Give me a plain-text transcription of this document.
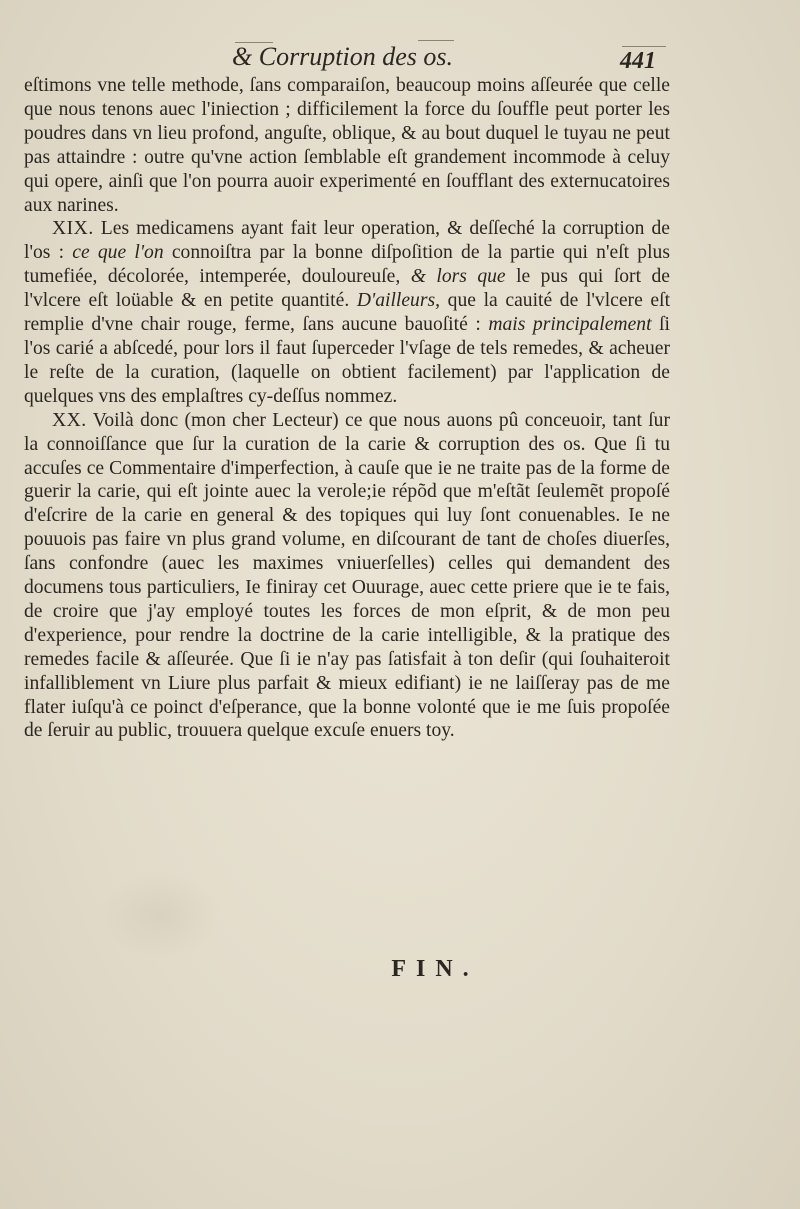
& Corruption des os.	441

eſtimons vne telle methode, ſans comparaiſon, beaucoup moins aſſeurée que celle que nous tenons auec l'iniection ; difficilement la force du ſouffle peut porter les poudres dans vn lieu profond, anguſte, oblique, & au bout duquel le tuyau ne peut pas attaindre : outre qu'vne action ſemblable eſt grandement incommode à celuy qui opere, ainſi que l'on pourra auoir experimenté en ſoufflant des externucatoires aux narines.

XIX. Les medicamens ayant fait leur operation, & deſſeché la corruption de l'os : ce que l'on connoiſtra par la bonne diſpoſition de la partie qui n'eſt plus tumefiée, décolorée, intemperée, douloureuſe, & lors que le pus qui ſort de l'vlcere eſt loüable & en petite quantité. D'ailleurs, que la cauité de l'vlcere eſt remplie d'vne chair rouge, ferme, ſans aucune bauoſité : mais principalement ſi l'os carié a abſcedé, pour lors il faut ſuperceder l'vſage de tels remedes, & acheuer le reſte de la curation, (laquelle on obtient facilement) par l'application de quelques vns des emplaſtres cy-deſſus nommez.

XX. Voilà donc (mon cher Lecteur) ce que nous auons pû conceuoir, tant ſur la connoiſſance que ſur la curation de la carie & corruption des os. Que ſi tu accuſes ce Commentaire d'imperfection, à cauſe que ie ne traite pas de la forme de guerir la carie, qui eſt jointe auec la verole;ie répõd que m'eſtãt ſeulemẽt propoſé d'eſcrire de la carie en general & des topiques qui luy ſont conuenables. Ie ne pouuois pas faire vn plus grand volume, en diſcourant de tant de choſes diuerſes, ſans confondre (auec les maximes vniuerſelles) celles qui demandent des documens tous particuliers, Ie finiray cet Ouurage, auec cette priere que ie te fais, de croire que j'ay employé toutes les forces de mon eſprit, & de mon peu d'experience, pour rendre la doctrine de la carie intelligible, & la pratique des remedes facile & aſſeurée. Que ſi ie n'ay pas ſatisfait à ton deſir (qui ſouhaiteroit infalliblement vn Liure plus parfait & mieux edifiant) ie ne laiſſeray pas de me flater iuſqu'à ce poinct d'eſperance, que la bonne volonté que ie me ſuis propoſée de ſeruir au public, trouuera quelque excuſe enuers toy.

FIN.
